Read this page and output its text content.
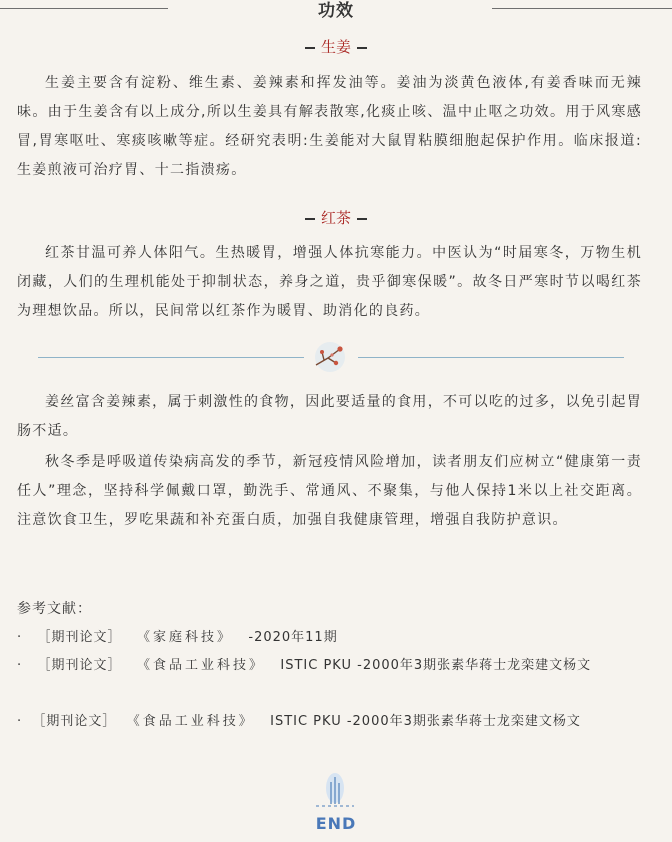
功效
生姜

生姜主要含有淀粉、维生素、姜辣素和挥发油等。姜油为淡黄色液体,有姜香味而无辣味。由于生姜含有以上成分,所以生姜具有解表散寒,化痰止咳、温中止呕之功效。用于风寒感冒,胃寒呕吐、寒痰咳嗽等症。经研究表明:生姜能对大鼠胃粘膜细胞起保护作用。临床报道:生姜煎液可治疗胃、十二指溃疡。

红茶

红茶甘温可养人体阳气。生热暖胃，增强人体抗寒能力。中医认为“时届寒冬，万物生机闭藏，人们的生理机能处于抑制状态，养身之道，贵乎御寒保暖”。故冬日严寒时节以喝红茶为理想饮品。所以，民间常以红茶作为暖胃、助消化的良药。

姜丝富含姜辣素，属于刺激性的食物，因此要适量的食用，不可以吃的过多，以免引起胃肠不适。

秋冬季是呼吸道传染病高发的季节，新冠疫情风险增加，读者朋友们应树立“健康第一责任人”理念，坚持科学佩戴口罩，勤洗手、常通风、不聚集，与他人保持1米以上社交距离。注意饮食卫生，罗吃果蔬和补充蛋白质，加强自我健康管理，增强自我防护意识。

参考文献：

· ［期刊论文］ 《家庭科技》 -2020年11期

· ［期刊论文］ 《食品工业科技》 ISTIC PKU -2000年3期张素华蒋士龙栾建文杨文

· ［期刊论文］ 《食品工业科技》 ISTIC PKU -2000年3期张素华蒋士龙栾建文杨文

END
